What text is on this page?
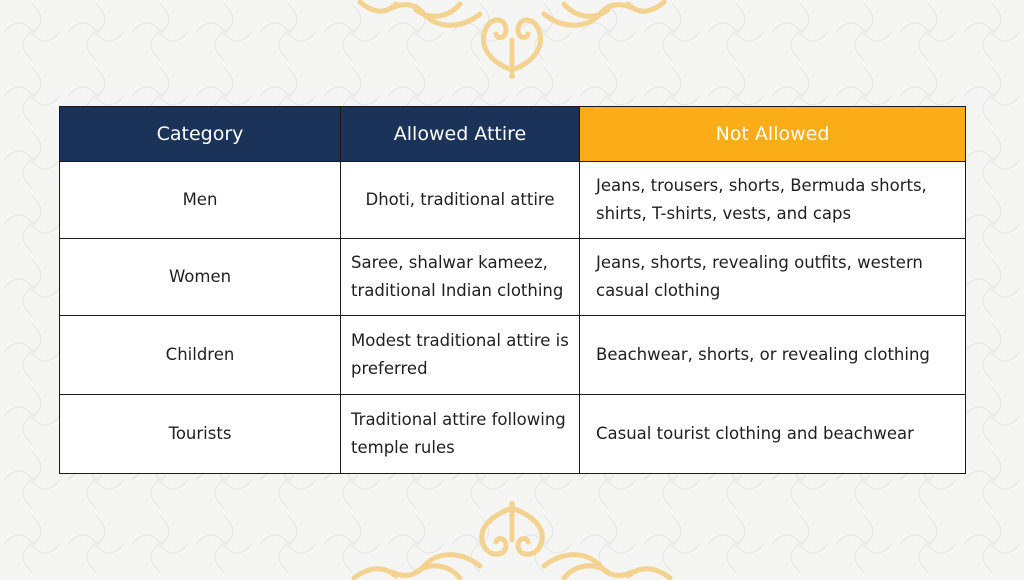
Category	Allowed Attire	Not Allowed
Men	Dhoti, traditional attire	Jeans, trousers, shorts, Bermuda shorts, shirts, T-shirts, vests, and caps
Women	Saree, shalwar kameez, traditional Indian clothing	Jeans, shorts, revealing outfits, western casual clothing
Children	Modest traditional attire is preferred	Beachwear, shorts, or revealing clothing
Tourists	Traditional attire following temple rules	Casual tourist clothing and beachwear
